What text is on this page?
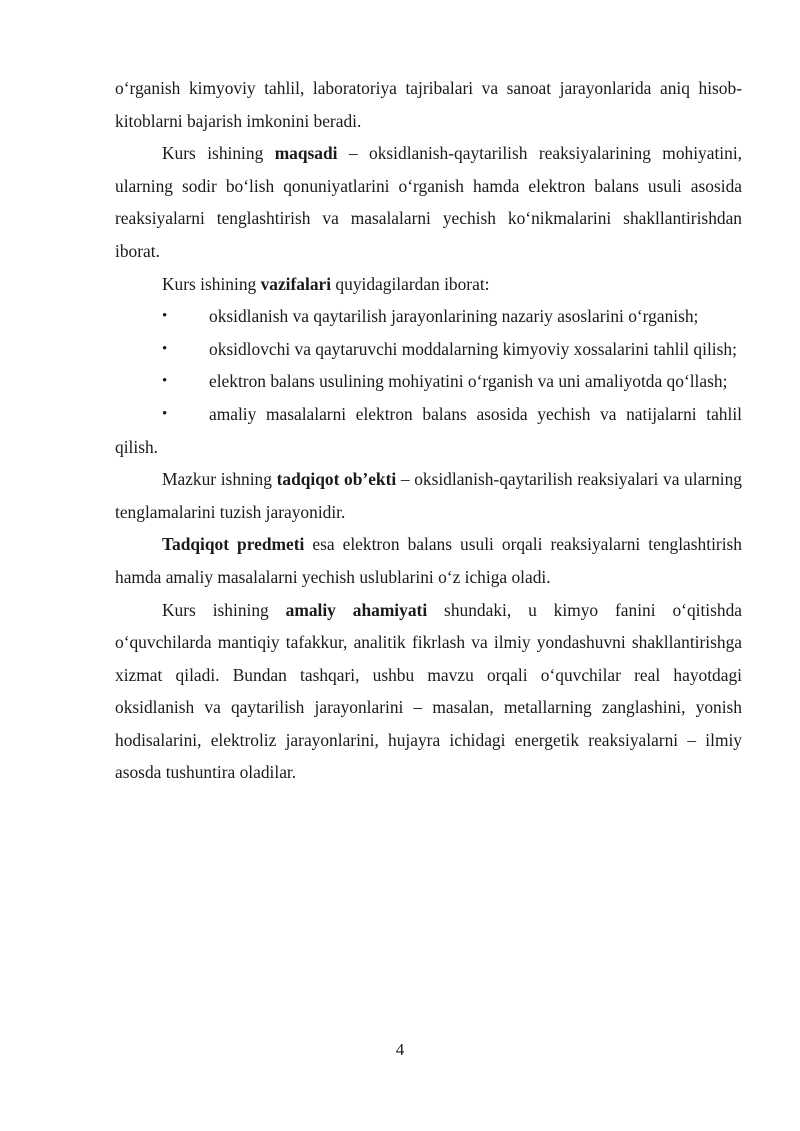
o‘rganish kimyoviy tahlil, laboratoriya tajribalari va sanoat jarayonlarida aniq hisob-kitoblarni bajarish imkonini beradi.

Kurs ishining maqsadi – oksidlanish-qaytarilish reaksiyalarining mohiyatini, ularning sodir bo‘lish qonuniyatlarini o‘rganish hamda elektron balans usuli asosida reaksiyalarni tenglashtirish va masalalarni yechish ko‘nikmalarini shakllantirishdan iborat.

Kurs ishining vazifalari quyidagilardan iborat:

• oksidlanish va qaytarilish jarayonlarining nazariy asoslarini o‘rganish;

• oksidlovchi va qaytaruvchi moddalarning kimyoviy xossalarini tahlil qilish;

• elektron balans usulining mohiyatini o‘rganish va uni amaliyotda qo‘llash;

• amaliy masalalarni elektron balans asosida yechish va natijalarni tahlil qilish.

Mazkur ishning tadqiqot ob’ekti – oksidlanish-qaytarilish reaksiyalari va ularning tenglamalarini tuzish jarayonidir.

Tadqiqot predmeti esa elektron balans usuli orqali reaksiyalarni tenglashtirish hamda amaliy masalalarni yechish uslublarini o‘z ichiga oladi.

Kurs ishining amaliy ahamiyati shundaki, u kimyo fanini o‘qitishda o‘quvchilarda mantiqiy tafakkur, analitik fikrlash va ilmiy yondashuvni shakllantirishga xizmat qiladi. Bundan tashqari, ushbu mavzu orqali o‘quvchilar real hayotdagi oksidlanish va qaytarilish jarayonlarini – masalan, metallarning zanglashini, yonish hodisalarini, elektroliz jarayonlarini, hujayra ichidagi energetik reaksiyalarni – ilmiy asosda tushuntira oladilar.

4
